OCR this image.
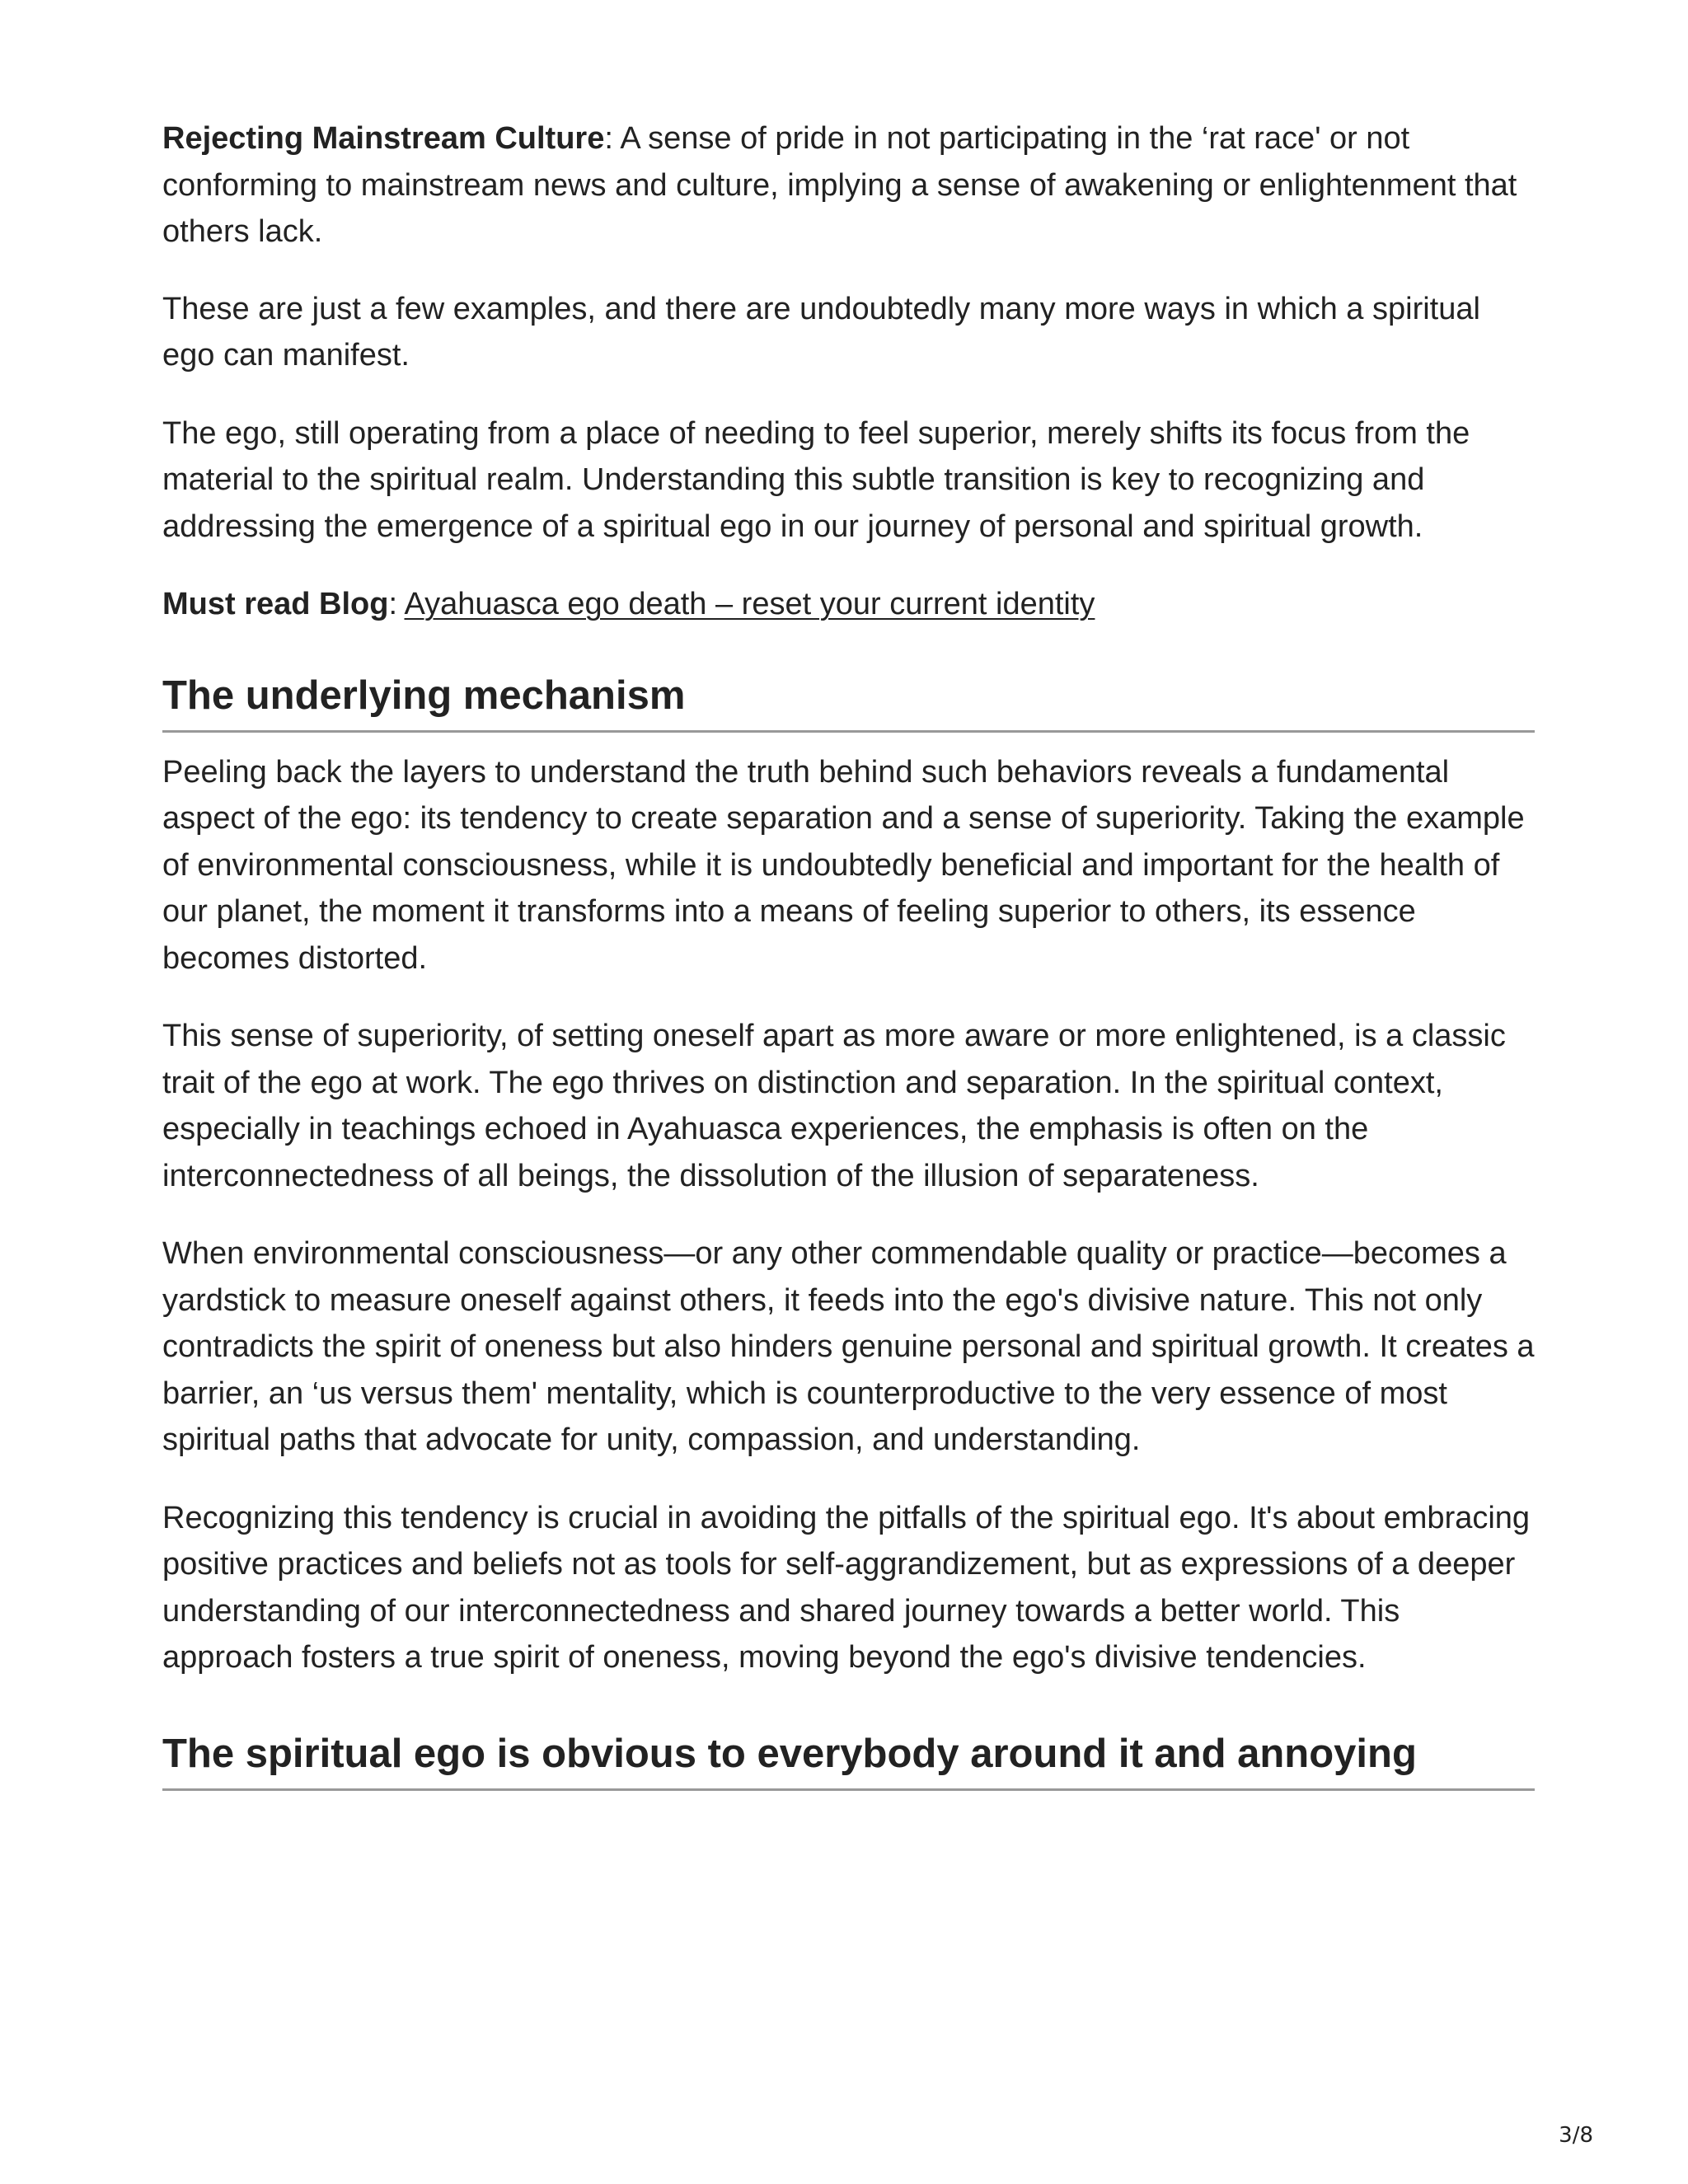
Rejecting Mainstream Culture: A sense of pride in not participating in the ‘rat race' or not conforming to mainstream news and culture, implying a sense of awakening or enlightenment that others lack.

These are just a few examples, and there are undoubtedly many more ways in which a spiritual ego can manifest.

The ego, still operating from a place of needing to feel superior, merely shifts its focus from the material to the spiritual realm. Understanding this subtle transition is key to recognizing and addressing the emergence of a spiritual ego in our journey of personal and spiritual growth.

Must read Blog: Ayahuasca ego death – reset your current identity

The underlying mechanism

Peeling back the layers to understand the truth behind such behaviors reveals a fundamental aspect of the ego: its tendency to create separation and a sense of superiority. Taking the example of environmental consciousness, while it is undoubtedly beneficial and important for the health of our planet, the moment it transforms into a means of feeling superior to others, its essence becomes distorted.

This sense of superiority, of setting oneself apart as more aware or more enlightened, is a classic trait of the ego at work. The ego thrives on distinction and separation. In the spiritual context, especially in teachings echoed in Ayahuasca experiences, the emphasis is often on the interconnectedness of all beings, the dissolution of the illusion of separateness.

When environmental consciousness—or any other commendable quality or practice—becomes a yardstick to measure oneself against others, it feeds into the ego's divisive nature. This not only contradicts the spirit of oneness but also hinders genuine personal and spiritual growth. It creates a barrier, an ‘us versus them' mentality, which is counterproductive to the very essence of most spiritual paths that advocate for unity, compassion, and understanding.

Recognizing this tendency is crucial in avoiding the pitfalls of the spiritual ego. It's about embracing positive practices and beliefs not as tools for self-aggrandizement, but as expressions of a deeper understanding of our interconnectedness and shared journey towards a better world. This approach fosters a true spirit of oneness, moving beyond the ego's divisive tendencies.

The spiritual ego is obvious to everybody around it and annoying
3/8
